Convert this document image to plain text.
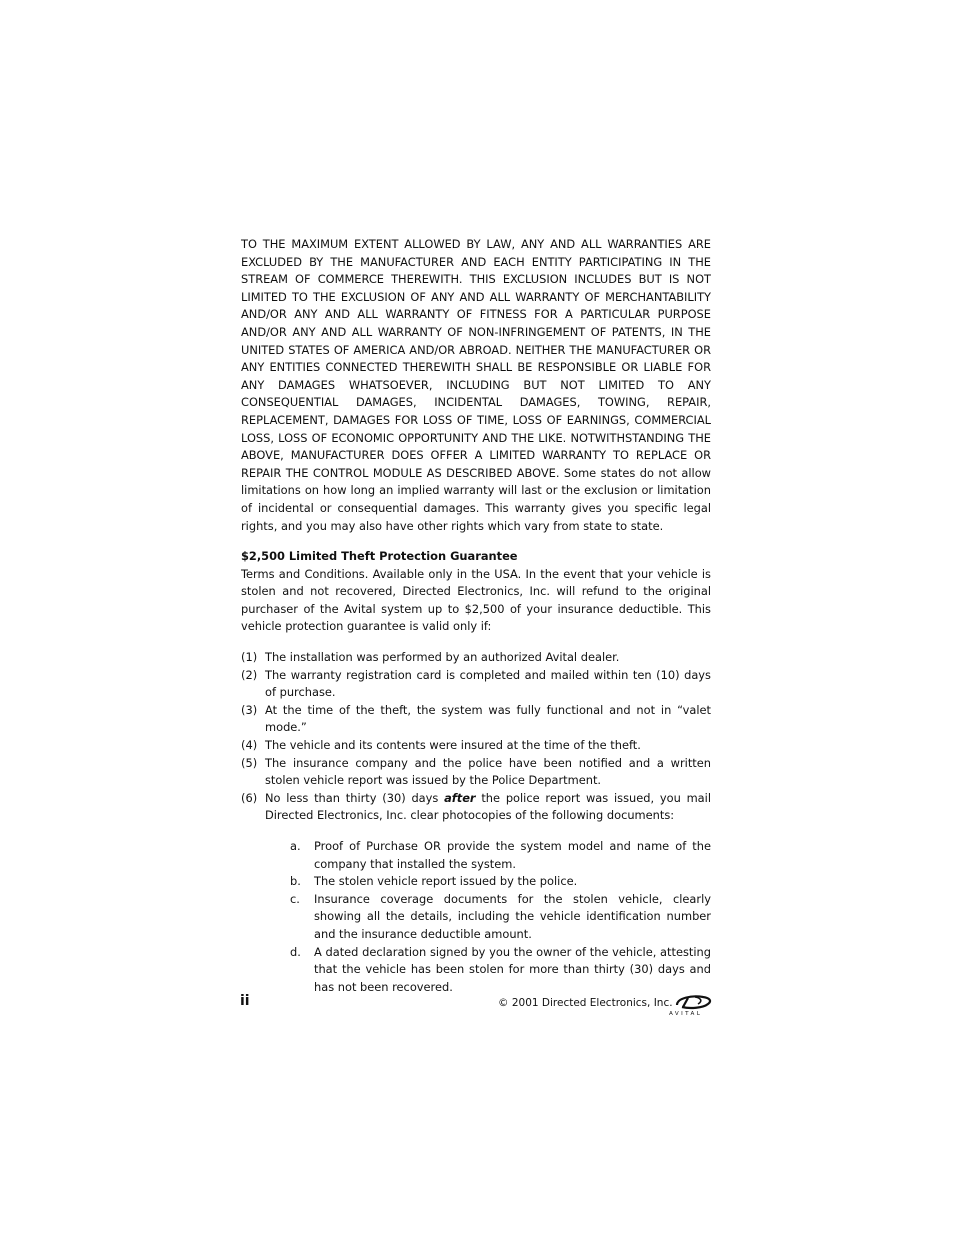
TO THE MAXIMUM EXTENT ALLOWED BY LAW, ANY AND ALL WARRANTIES ARE EXCLUDED BY THE MANUFACTURER AND EACH ENTITY PARTICIPATING IN THE STREAM OF COMMERCE THEREWITH. THIS EXCLUSION INCLUDES BUT IS NOT LIMITED TO THE EXCLUSION OF ANY AND ALL WARRANTY OF MERCHANTABILITY AND/OR ANY AND ALL WARRANTY OF FITNESS FOR A PARTICULAR PURPOSE AND/OR ANY AND ALL WARRANTY OF NON-INFRINGEMENT OF PATENTS, IN THE UNITED STATES OF AMERICA AND/OR ABROAD. NEITHER THE MANUFACTURER OR ANY ENTITIES CONNECTED THEREWITH SHALL BE RESPONSIBLE OR LIABLE FOR ANY DAMAGES WHATSOEVER, INCLUDING BUT NOT LIMITED TO ANY CONSEQUENTIAL DAMAGES, INCIDENTAL DAMAGES, TOWING, REPAIR, REPLACEMENT, DAMAGES FOR LOSS OF TIME, LOSS OF EARNINGS, COMMERCIAL LOSS, LOSS OF ECONOMIC OPPORTUNITY AND THE LIKE. NOTWITHSTANDING THE ABOVE, MANUFACTURER DOES OFFER A LIMITED WARRANTY TO REPLACE OR REPAIR THE CONTROL MODULE AS DESCRIBED ABOVE. Some states do not allow limitations on how long an implied warranty will last or the exclusion or limitation of incidental or consequential damages. This warranty gives you specific legal rights, and you may also have other rights which vary from state to state.

$2,500 Limited Theft Protection Guarantee

Terms and Conditions. Available only in the USA. In the event that your vehicle is stolen and not recovered, Directed Electronics, Inc. will refund to the original purchaser of the Avital system up to $2,500 of your insurance deductible. This vehicle protection guarantee is valid only if:

(1) The installation was performed by an authorized Avital dealer.
(2) The warranty registration card is completed and mailed within ten (10) days of purchase.
(3) At the time of the theft, the system was fully functional and not in “valet mode.”
(4) The vehicle and its contents were insured at the time of the theft.
(5) The insurance company and the police have been notified and a written stolen vehicle report was issued by the Police Department.
(6) No less than thirty (30) days after the police report was issued, you mail Directed Electronics, Inc. clear photocopies of the following documents:
a. Proof of Purchase OR provide the system model and name of the company that installed the system.
b. The stolen vehicle report issued by the police.
c. Insurance coverage documents for the stolen vehicle, clearly showing all the details, including the vehicle identification number and the insurance deductible amount.
d. A dated declaration signed by you the owner of the vehicle, attesting that the vehicle has been stolen for more than thirty (30) days and has not been recovered.
ii	© 2001 Directed Electronics, Inc.
AVITAL
